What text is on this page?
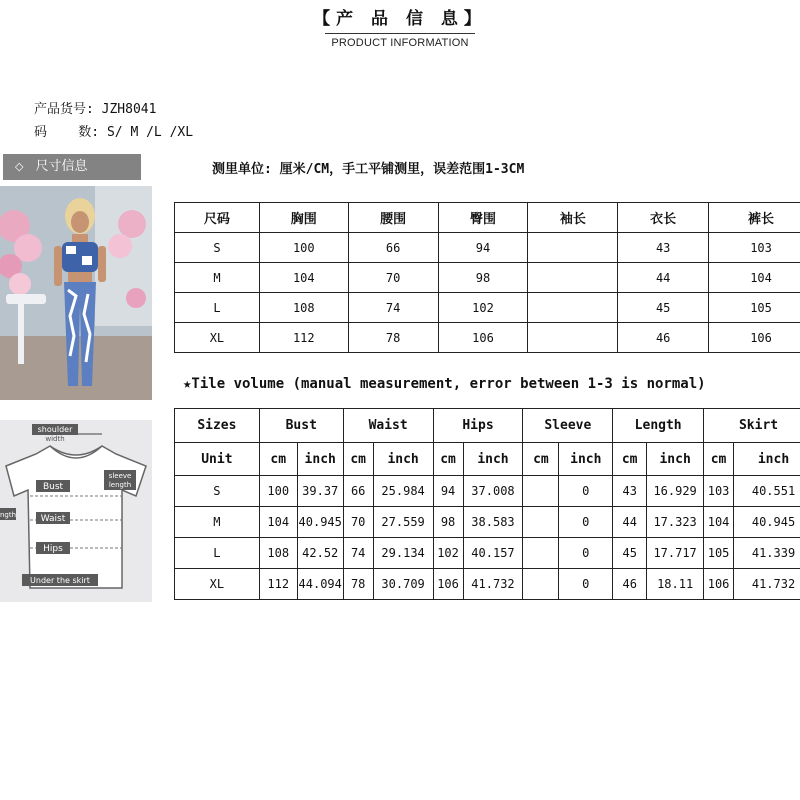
【产 品 信 息】
PRODUCT INFORMATION
产品货号: JZH8041
码    数: S/ M /L /XL
◇ 尺寸信息	测里单位: 厘米/CM，手工平铺测里，误差范围1-3CM
shoulder
width
sleeve
length
Bust
Waist
Hips
Under the skirt
ngth
尺码	胸围	腰围	臀围	袖长	衣长	裤长
S	100	66	94		43	103
M	104	70	98		44	104
L	108	74	102		45	105
XL	112	78	106		46	106
★Tile volume (manual measurement, error between 1-3 is normal)
Sizes	Bust		Waist		Hips		Sleeve		Length		Skirt	
Unit	cm	inch	cm	inch	cm	inch	cm	inch	cm	inch	cm	inch
S	100	39.37	66	25.984	94	37.008		0	43	16.929	103	40.551
M	104	40.945	70	27.559	98	38.583		0	44	17.323	104	40.945
L	108	42.52	74	29.134	102	40.157		0	45	17.717	105	41.339
XL	112	44.094	78	30.709	106	41.732		0	46	18.11	106	41.732
